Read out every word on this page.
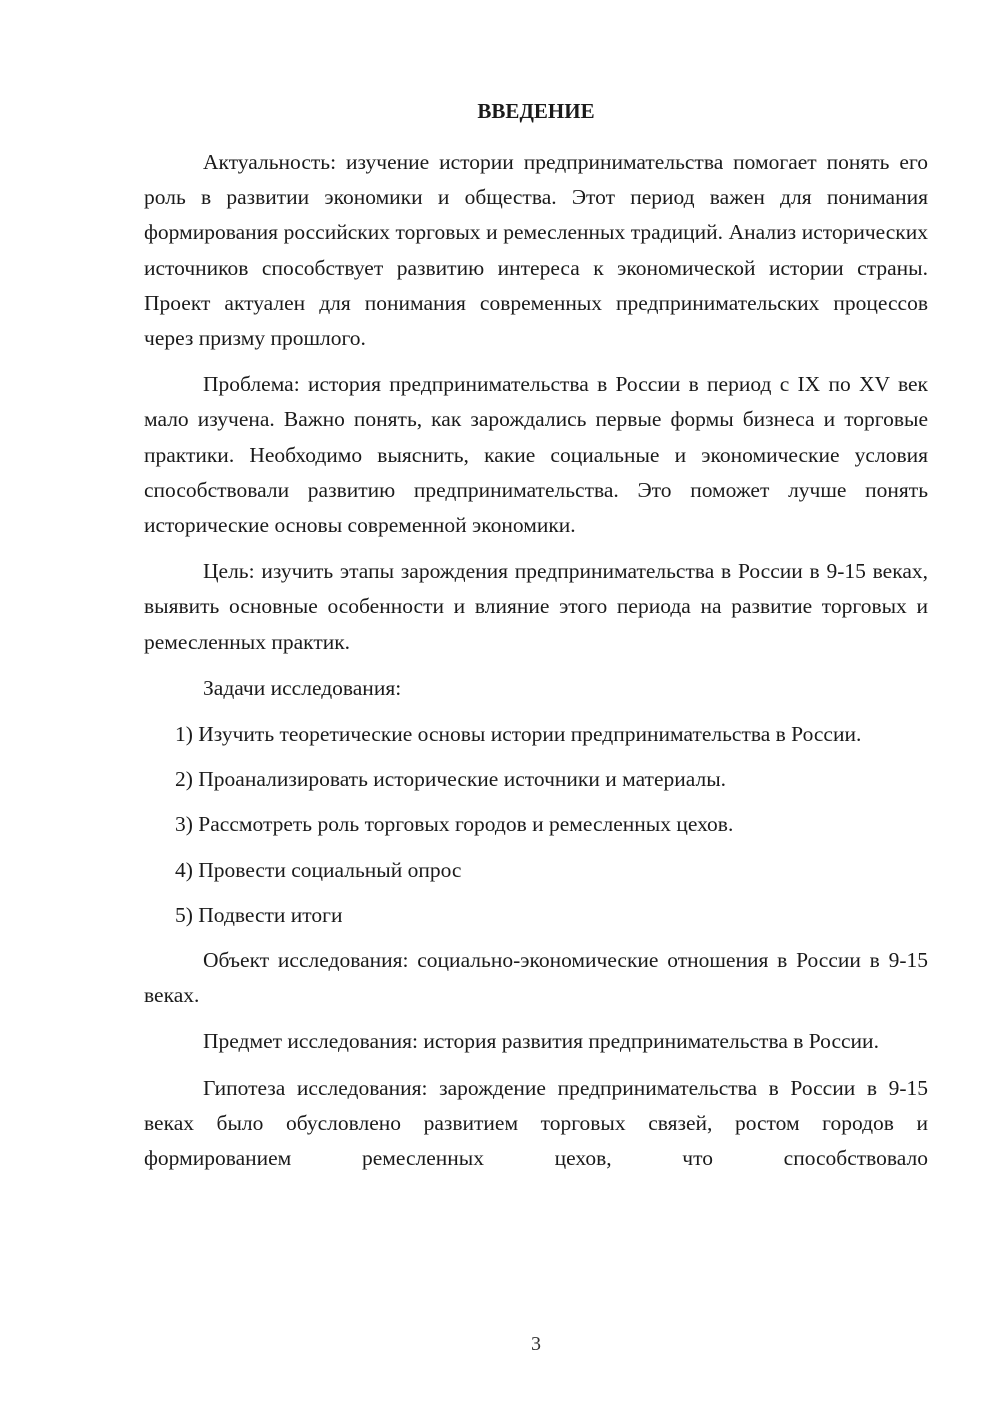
ВВЕДЕНИЕ

Актуальность: изучение истории предпринимательства помогает понять его роль в развитии экономики и общества. Этот период важен для понимания формирования российских торговых и ремесленных традиций. Анализ исторических источников способствует развитию интереса к экономической истории страны. Проект актуален для понимания современных предпринимательских процессов через призму прошлого.

Проблема: история предпринимательства в России в период с IX по XV век мало изучена. Важно понять, как зарождались первые формы бизнеса и торговые практики. Необходимо выяснить, какие социальные и экономические условия способствовали развитию предпринимательства. Это поможет лучше понять исторические основы современной экономики.

Цель: изучить этапы зарождения предпринимательства в России в 9-15 веках, выявить основные особенности и влияние этого периода на развитие торговых и ремесленных практик.

Задачи исследования:

1) Изучить теоретические основы истории предпринимательства в России.

2) Проанализировать исторические источники и материалы.

3) Рассмотреть роль торговых городов и ремесленных цехов.

4) Провести социальный опрос

5) Подвести итоги

Объект исследования: социально-экономические отношения в России в 9-15 веках.

Предмет исследования: история развития предпринимательства в России.

Гипотеза исследования: зарождение предпринимательства в России в 9-15 веках было обусловлено развитием торговых связей, ростом городов и формированием ремесленных цехов, что способствовало

3
